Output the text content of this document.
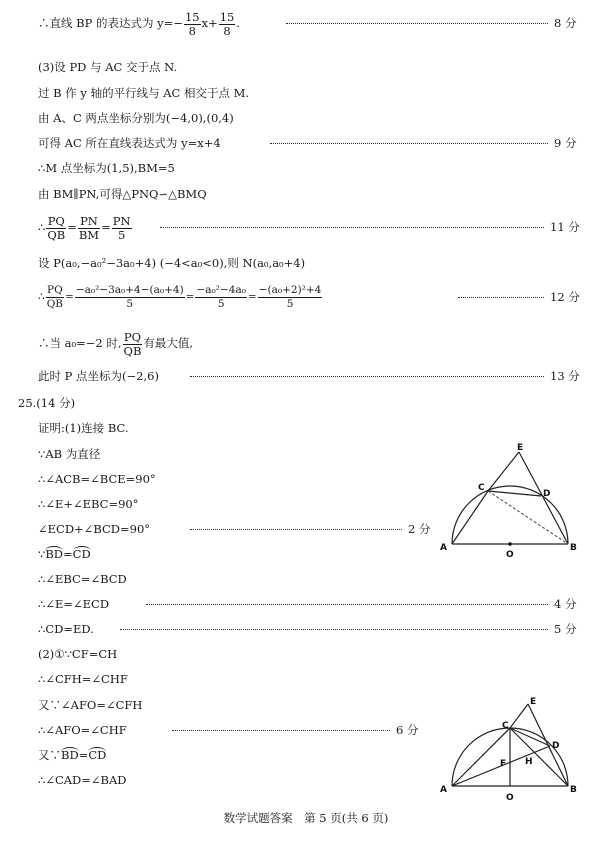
∴直线 BP 的表达式为 $y=- \frac{15}{8} x+ \frac{15}{8}$ .	8 分
(3)设 PD 与 AC 交于点 N.
过 B 作 y 轴的平行线与 AC 相交于点 M.
由 A、C 两点坐标分别为(−4,0),(0,4)
可得 AC 所在直线表达式为 y=x+4	9 分
∴M 点坐标为(1,5),BM=5
由 BM∥PN,可得△PNQ∽△BMQ
∴ $\frac{PQ}{QB} = \frac{PN}{BM} = \frac{PN}{5}$	11 分
设 P(a₀,−a₀²−3a₀+4) (−4<a₀<0),则 N(a₀,a₀+4)
∴ $\frac{PQ}{QB} = \frac{\text{−a₀²−3a₀+4−(a₀+4)}}{5} = \frac{\text{−a₀²−4a₀}}{5} = \frac{\text{−(a₀+2)²+4}}{5}$	12 分
∴当 a₀=−2 时, $\frac{PQ}{QB}$ 有最大值,
此时 P 点坐标为(−2,6)	13 分
25.(14 分)
证明:(1)连接 BC.
∵AB 为直径
∴∠ACB=∠BCE=90°
∴∠E+∠EBC=90°
∠ECD+∠BCD=90°	2 分
∵BD=CD
∴∠EBC=∠BCD
∴∠E=∠ECD	4 分
∴CD=ED.	5 分
(2)①∵CF=CH
∴∠CFH=∠CHF
又∵∠AFO=∠CFH
∴∠AFO=∠CHF	6 分
又∵BD=CD
∴∠CAD=∠BAD
E
C
D
A
O
B
E
C
D
F H
A
O
B
数学试题答案　第 5 页(共 6 页)
